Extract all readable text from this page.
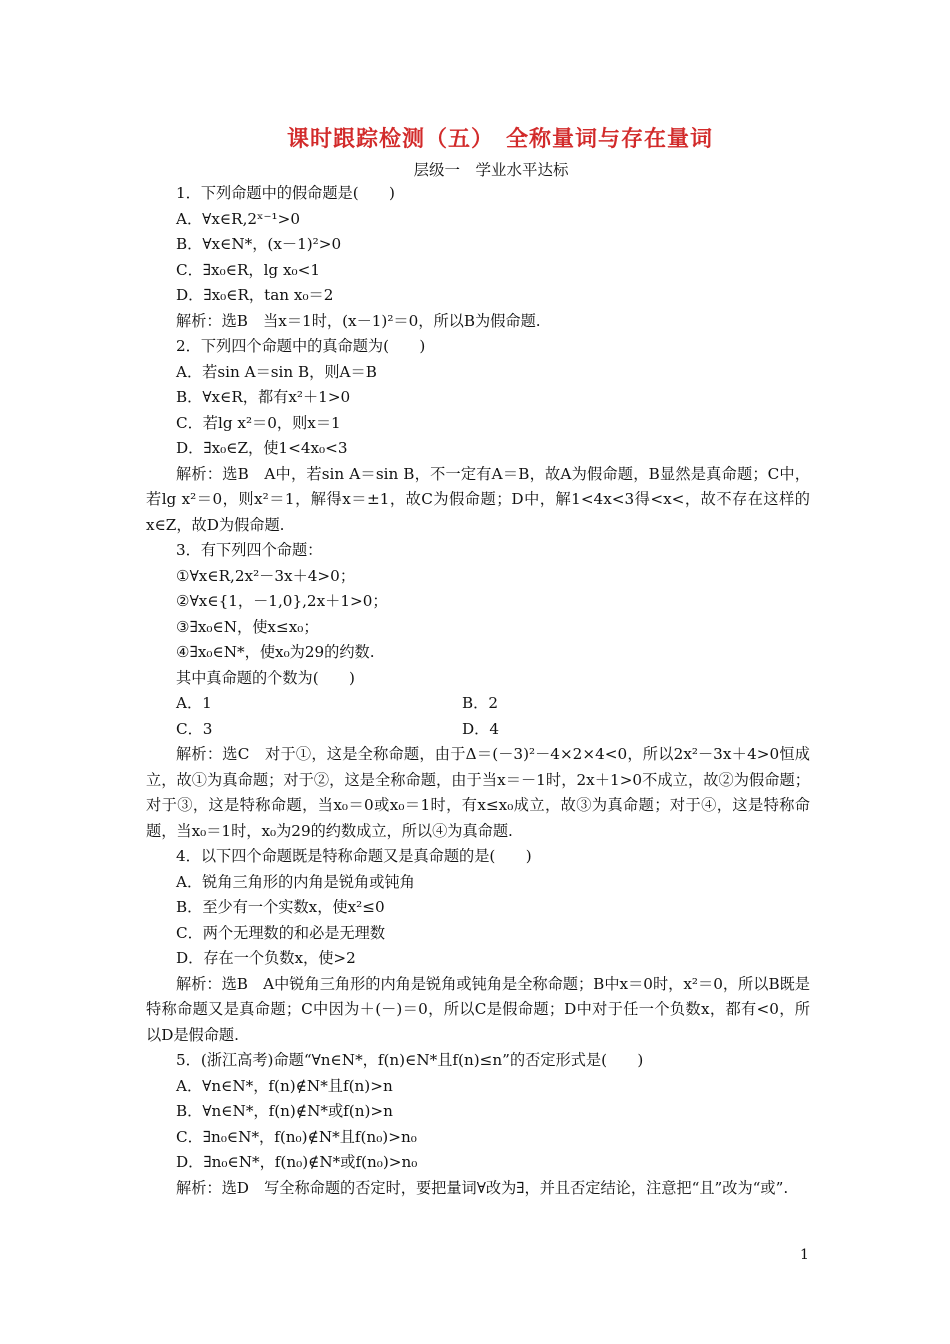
课时跟踪检测（五）　全称量词与存在量词
层级一　学业水平达标
1．下列命题中的假命题是(　　)
A．∀x∈R,2ˣ⁻¹>0
B．∀x∈N*，(x－1)²>0
C．∃x₀∈R，lg x₀<1
D．∃x₀∈R，tan x₀＝2
解析：选B　当x＝1时，(x－1)²＝0，所以B为假命题.
2．下列四个命题中的真命题为(　　)
A．若sin A＝sin B，则A＝B
B．∀x∈R，都有x²＋1>0
C．若lg x²＝0，则x＝1
D．∃x₀∈Z，使1<4x₀<3
解析：选B　A中，若sin A＝sin B，不一定有A＝B，故A为假命题，B显然是真命题；C中，若lg x²＝0，则x²＝1，解得x＝±1，故C为假命题；D中，解1<4x<3得<x<，故不存在这样的x∈Z，故D为假命题.
3．有下列四个命题：
①∀x∈R,2x²－3x＋4>0；
②∀x∈{1，－1,0},2x＋1>0；
③∃x₀∈N，使x≤x₀；
④∃x₀∈N*，使x₀为29的约数.
其中真命题的个数为(　　)
A．1	B．2
C．3	D．4
解析：选C　对于①，这是全称命题，由于Δ＝(－3)²－4×2×4<0，所以2x²－3x＋4>0恒成立，故①为真命题；对于②，这是全称命题，由于当x＝－1时，2x＋1>0不成立，故②为假命题；对于③，这是特称命题，当x₀＝0或x₀＝1时，有x≤x₀成立，故③为真命题；对于④，这是特称命题，当x₀＝1时，x₀为29的约数成立，所以④为真命题.
4．以下四个命题既是特称命题又是真命题的是(　　)
A．锐角三角形的内角是锐角或钝角
B．至少有一个实数x，使x²≤0
C．两个无理数的和必是无理数
D．存在一个负数x，使>2
解析：选B　A中锐角三角形的内角是锐角或钝角是全称命题；B中x＝0时，x²＝0，所以B既是特称命题又是真命题；C中因为＋(－)＝0，所以C是假命题；D中对于任一个负数x，都有<0，所以D是假命题.
5．(浙江高考)命题“∀n∈N*，f(n)∈N*且f(n)≤n”的否定形式是(　　)
A．∀n∈N*，f(n)∉N*且f(n)>n
B．∀n∈N*，f(n)∉N*或f(n)>n
C．∃n₀∈N*，f(n₀)∉N*且f(n₀)>n₀
D．∃n₀∈N*，f(n₀)∉N*或f(n₀)>n₀
解析：选D　写全称命题的否定时，要把量词∀改为∃，并且否定结论，注意把“且”改为“或”.
1
